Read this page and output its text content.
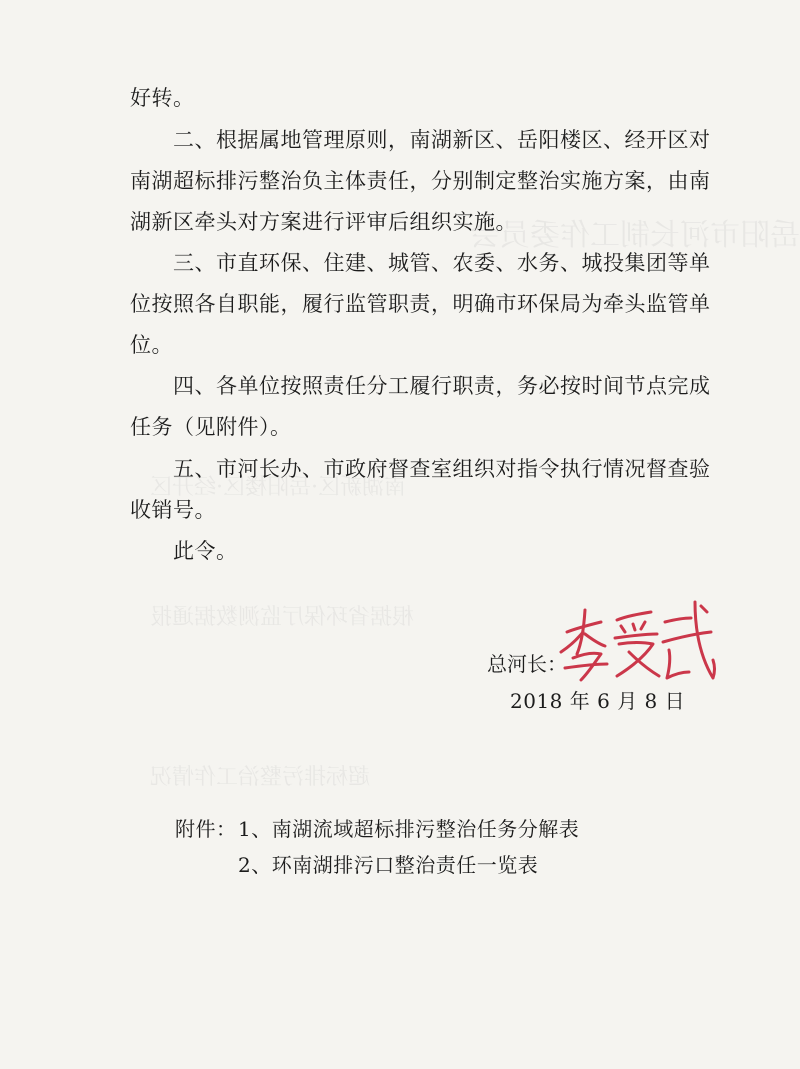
岳阳市河长制工作委员会
南湖新区·岳阳楼区·经开区
根据省环保厅监测数据通报
超标排污整治工作情况
好转。
二、根据属地管理原则，南湖新区、岳阳楼区、经开区对
南湖超标排污整治负主体责任，分别制定整治实施方案，由南
湖新区牵头对方案进行评审后组织实施。
三、市直环保、住建、城管、农委、水务、城投集团等单
位按照各自职能，履行监管职责，明确市环保局为牵头监管单
位。
四、各单位按照责任分工履行职责，务必按时间节点完成
任务（见附件）。
五、市河长办、市政府督查室组织对指令执行情况督查验
收销号。
此令。
总河长：
2018 年 6 月 8 日
附件： 1、南湖流域超标排污整治任务分解表
2、环南湖排污口整治责任一览表
